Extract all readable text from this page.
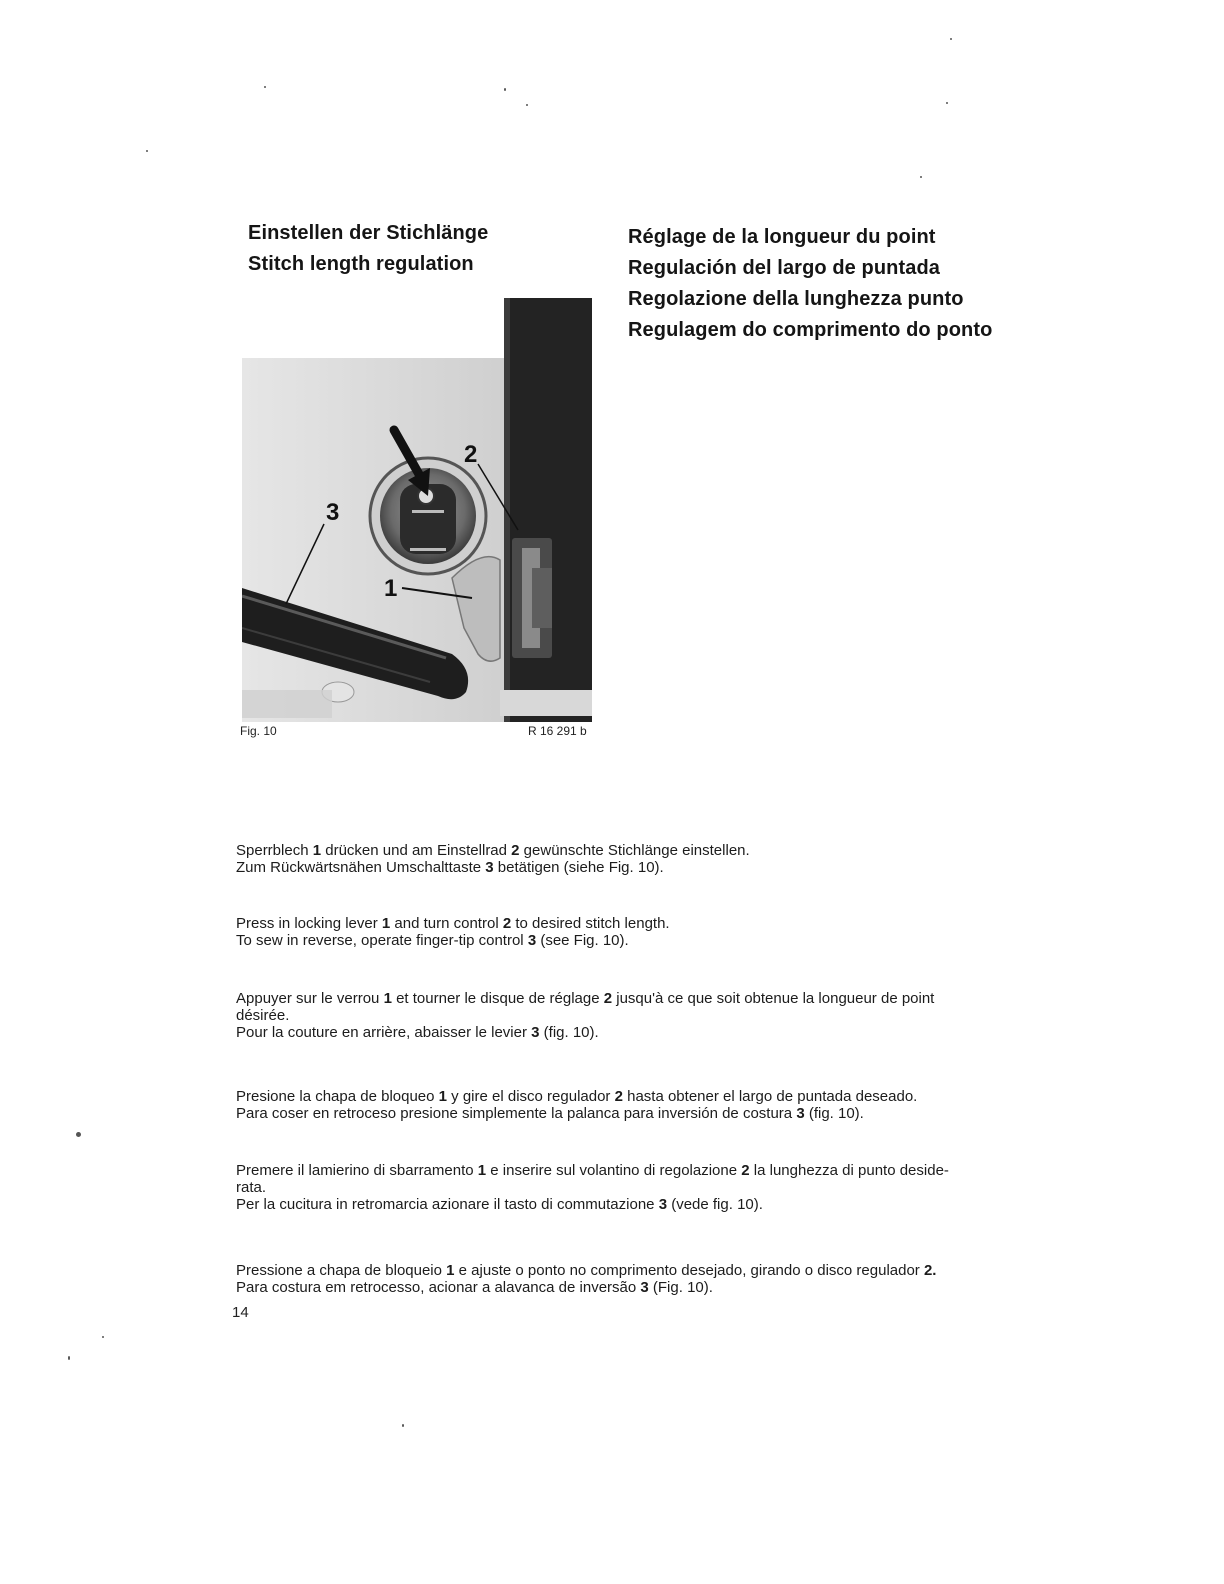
Einstellen der Stichlänge
Stitch length regulation
Réglage de la longueur du point
Regulación del largo de puntada
Regolazione della lunghezza punto
Regulagem do comprimento do ponto
2
1
3
Fig. 10	R 16 291 b

Sperrblech 1 drücken und am Einstellrad 2 gewünschte Stichlänge einstellen.

Zum Rückwärtsnähen Umschalttaste 3 betätigen (siehe Fig. 10).

Press in locking lever 1 and turn control 2 to desired stitch length.

To sew in reverse, operate finger-tip control 3 (see Fig. 10).

Appuyer sur le verrou 1 et tourner le disque de réglage 2 jusqu'à ce que soit obtenue la longueur de point désirée.

Pour la couture en arrière, abaisser le levier 3 (fig. 10).

Presione la chapa de bloqueo 1 y gire el disco regulador 2 hasta obtener el largo de puntada deseado.

Para coser en retroceso presione simplemente la palanca para inversión de costura 3 (fig. 10).

Premere il lamierino di sbarramento 1 e inserire sul volantino di regolazione 2 la lunghezza di punto deside-rata.

Per la cucitura in retromarcia azionare il tasto di commutazione 3 (vede fig. 10).

Pressione a chapa de bloqueio 1 e ajuste o ponto no comprimento desejado, girando o disco regulador 2.

Para costura em retrocesso, acionar a alavanca de inversão 3 (Fig. 10).

14
